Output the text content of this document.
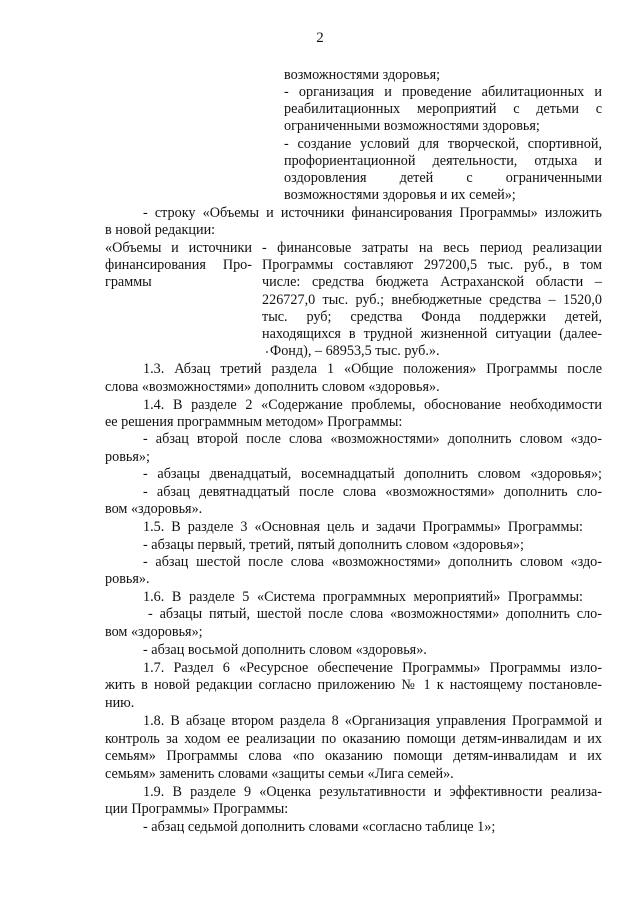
2
возможностями здоровья;
- организация и проведение абилитационных и
реабилитационных мероприятий с детьми с
ограниченными возможностями здоровья;
- создание условий для творческой, спортивной,
профориентационной деятельности, отдыха и
оздоровления детей с ограниченными
возможностями здоровья и их семей»;
- строку «Объемы и источники финансирования Программы» изложить
в новой редакции:
«Объемы и источники
финансирования Про-
граммы
- финансовые затраты на весь период реализации
Программы составляют 297200,5 тыс. руб., в том
числе: средства бюджета Астраханской области –
226727,0 тыс. руб.; внебюджетные средства – 1520,0
тыс. руб; средства Фонда поддержки детей,
находящихся в трудной жизненной ситуации (далее-
Фонд), – 68953,5 тыс. руб.».
1.3. Абзац третий раздела 1 «Общие положения» Программы после
слова «возможностями» дополнить словом «здоровья».
1.4. В разделе 2 «Содержание проблемы, обоснование необходимости
ее решения программным методом» Программы:
- абзац второй после слова «возможностями» дополнить словом «здо-
ровья»;
- абзацы двенадцатый, восемнадцатый дополнить словом «здоровья»;
- абзац девятнадцатый после слова «возможностями» дополнить сло-
вом «здоровья».
1.5. В разделе 3 «Основная цель и задачи Программы» Программы:
- абзацы первый, третий, пятый дополнить словом «здоровья»;
- абзац шестой после слова «возможностями» дополнить словом «здо-
ровья».
1.6. В разделе 5 «Система программных мероприятий» Программы:
- абзацы пятый, шестой после слова «возможностями» дополнить сло-
вом «здоровья»;
- абзац восьмой дополнить словом «здоровья».
1.7. Раздел 6 «Ресурсное обеспечение Программы» Программы изло-
жить в новой редакции согласно приложению № 1 к настоящему постановле-
нию.
1.8. В абзаце втором раздела 8 «Организация управления Программой и
контроль за ходом ее реализации по оказанию помощи детям-инвалидам и их
семьям» Программы слова «по оказанию помощи детям-инвалидам и их
семьям» заменить словами «защиты семьи «Лига семей».
1.9. В разделе 9 «Оценка результативности и эффективности реализа-
ции Программы» Программы:
- абзац седьмой дополнить словами «согласно таблице 1»;
